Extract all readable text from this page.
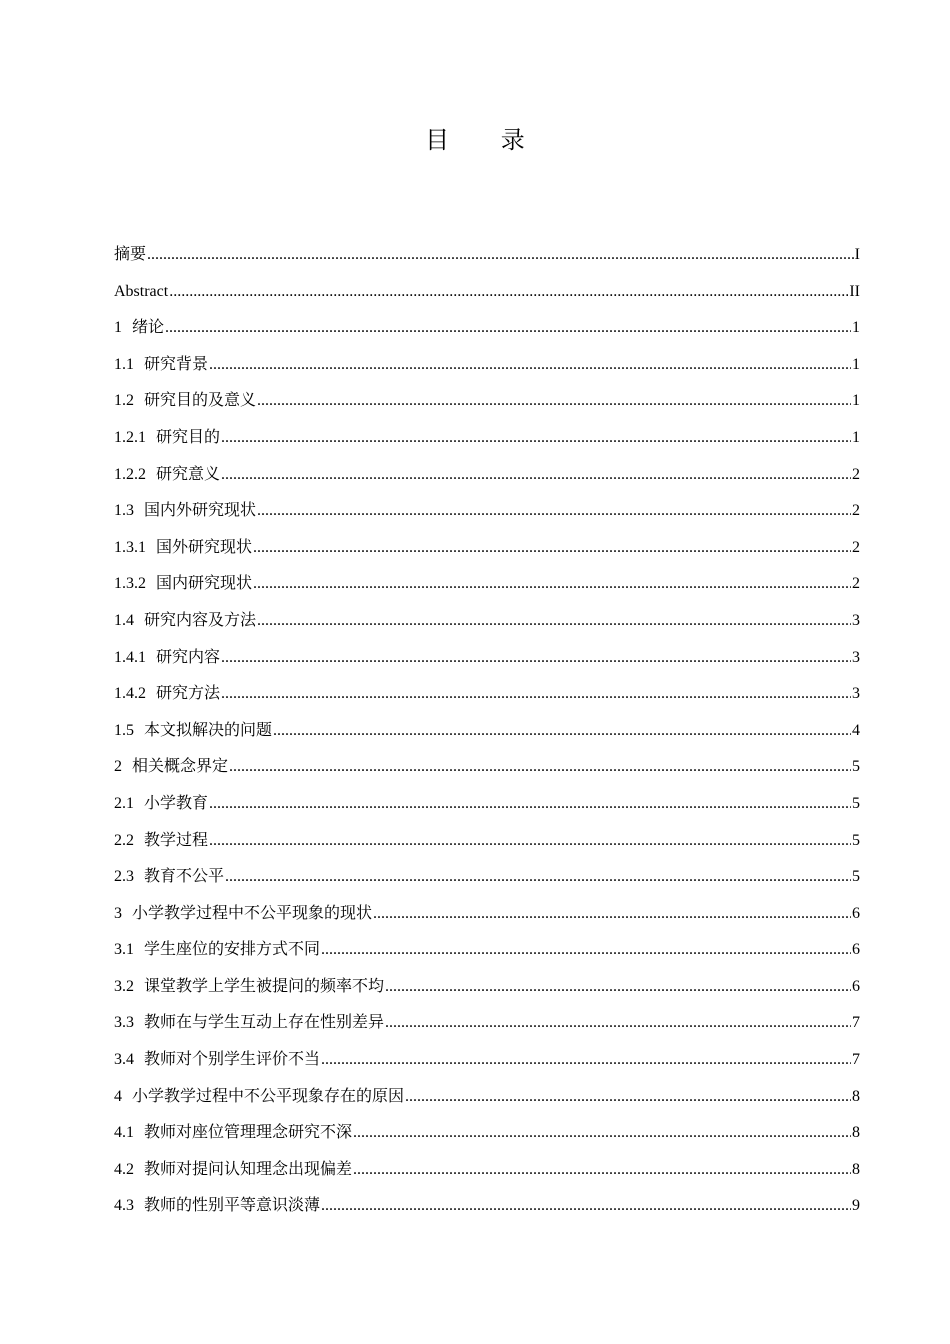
目 录
摘要 .....	I
Abstract .....	II
1 绪论 .....	1
1.1 研究背景 .....	1
1.2 研究目的及意义 .....	1
1.2.1 研究目的 .....	1
1.2.2 研究意义 .....	2
1.3 国内外研究现状 .....	2
1.3.1 国外研究现状 .....	2
1.3.2 国内研究现状 .....	2
1.4 研究内容及方法 .....	3
1.4.1 研究内容 .....	3
1.4.2 研究方法 .....	3
1.5 本文拟解决的问题 .....	4
2 相关概念界定 .....	5
2.1 小学教育 .....	5
2.2 教学过程 .....	5
2.3 教育不公平 .....	5
3 小学教学过程中不公平现象的现状 .....	6
3.1 学生座位的安排方式不同 .....	6
3.2 课堂教学上学生被提问的频率不均 .....	6
3.3 教师在与学生互动上存在性别差异 .....	7
3.4 教师对个别学生评价不当 .....	7
4 小学教学过程中不公平现象存在的原因 .....	8
4.1 教师对座位管理理念研究不深 .....	8
4.2 教师对提问认知理念出现偏差 .....	8
4.3 教师的性别平等意识淡薄 .....	9
